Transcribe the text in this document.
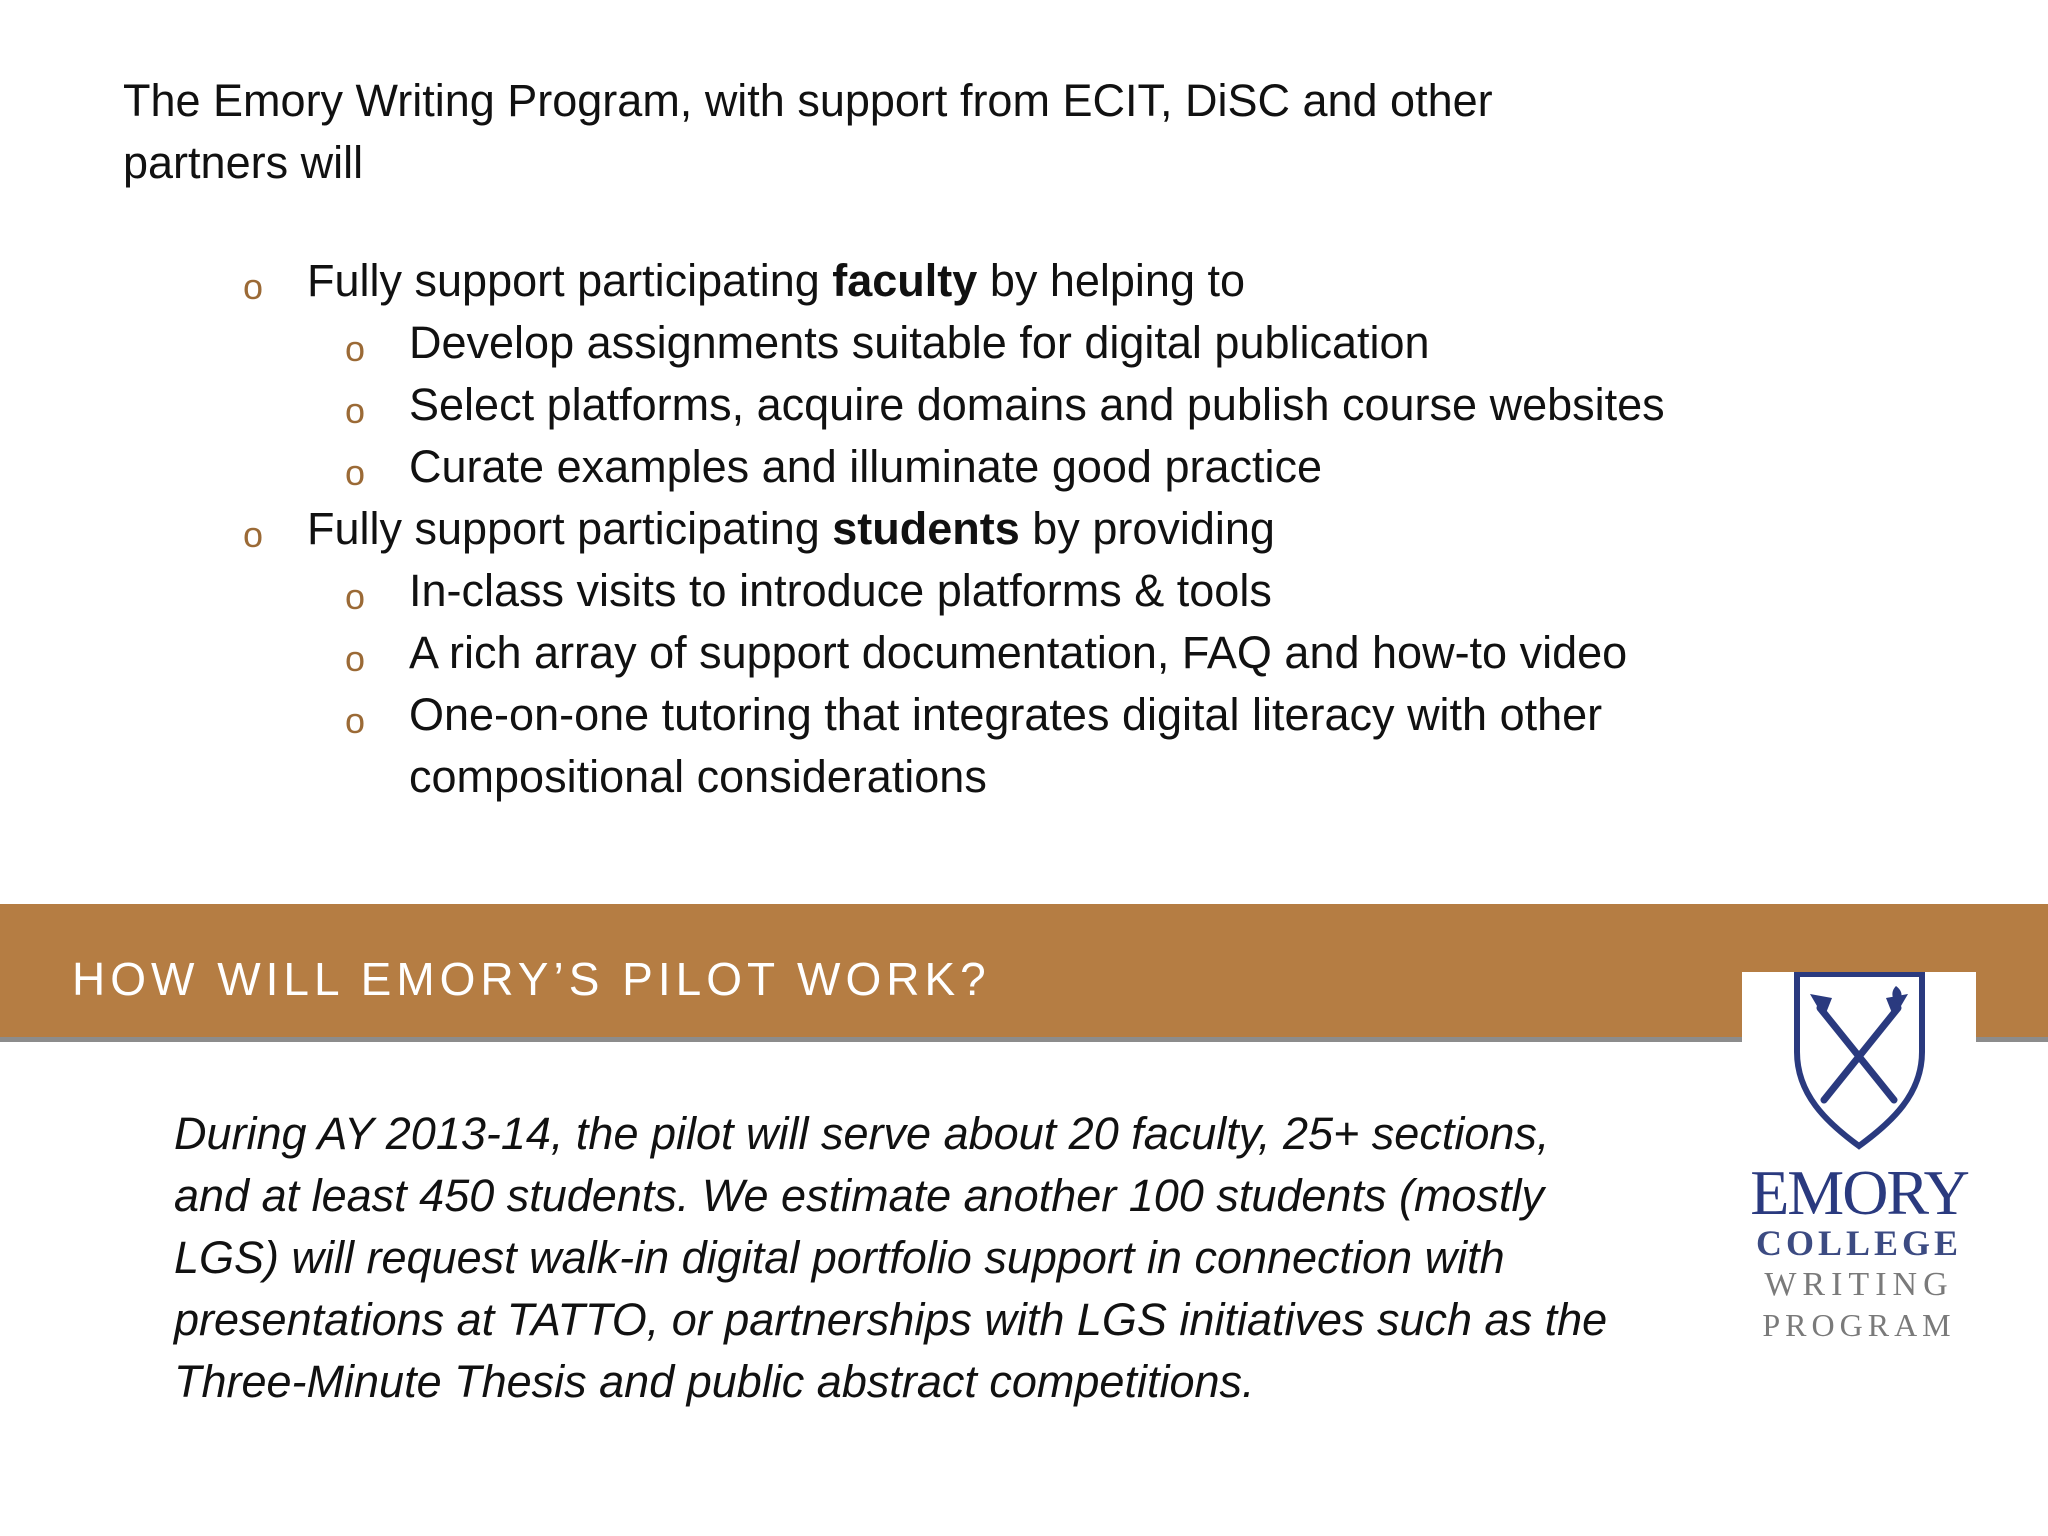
The Emory Writing Program, with support from ECIT, DiSC and other partners will

o Fully support participating faculty by helping to
o Develop assignments suitable for digital publication
o Select platforms, acquire domains and publish course websites
o Curate examples and illuminate good practice
o Fully support participating students by providing
o In-class visits to introduce platforms & tools
o A rich array of support documentation, FAQ and how-to video
o One-on-one tutoring that integrates digital literacy with other
compositional considerations
HOW WILL EMORY’S PILOT WORK?
EMORY
COLLEGE
WRITING
PROGRAM

During AY 2013-14, the pilot will serve about 20 faculty, 25+ sections, and at least 450 students. We estimate another 100 students (mostly LGS) will request walk-in digital portfolio support in connection with presentations at TATTO, or partnerships with LGS initiatives such as the Three-Minute Thesis and public abstract competitions.
